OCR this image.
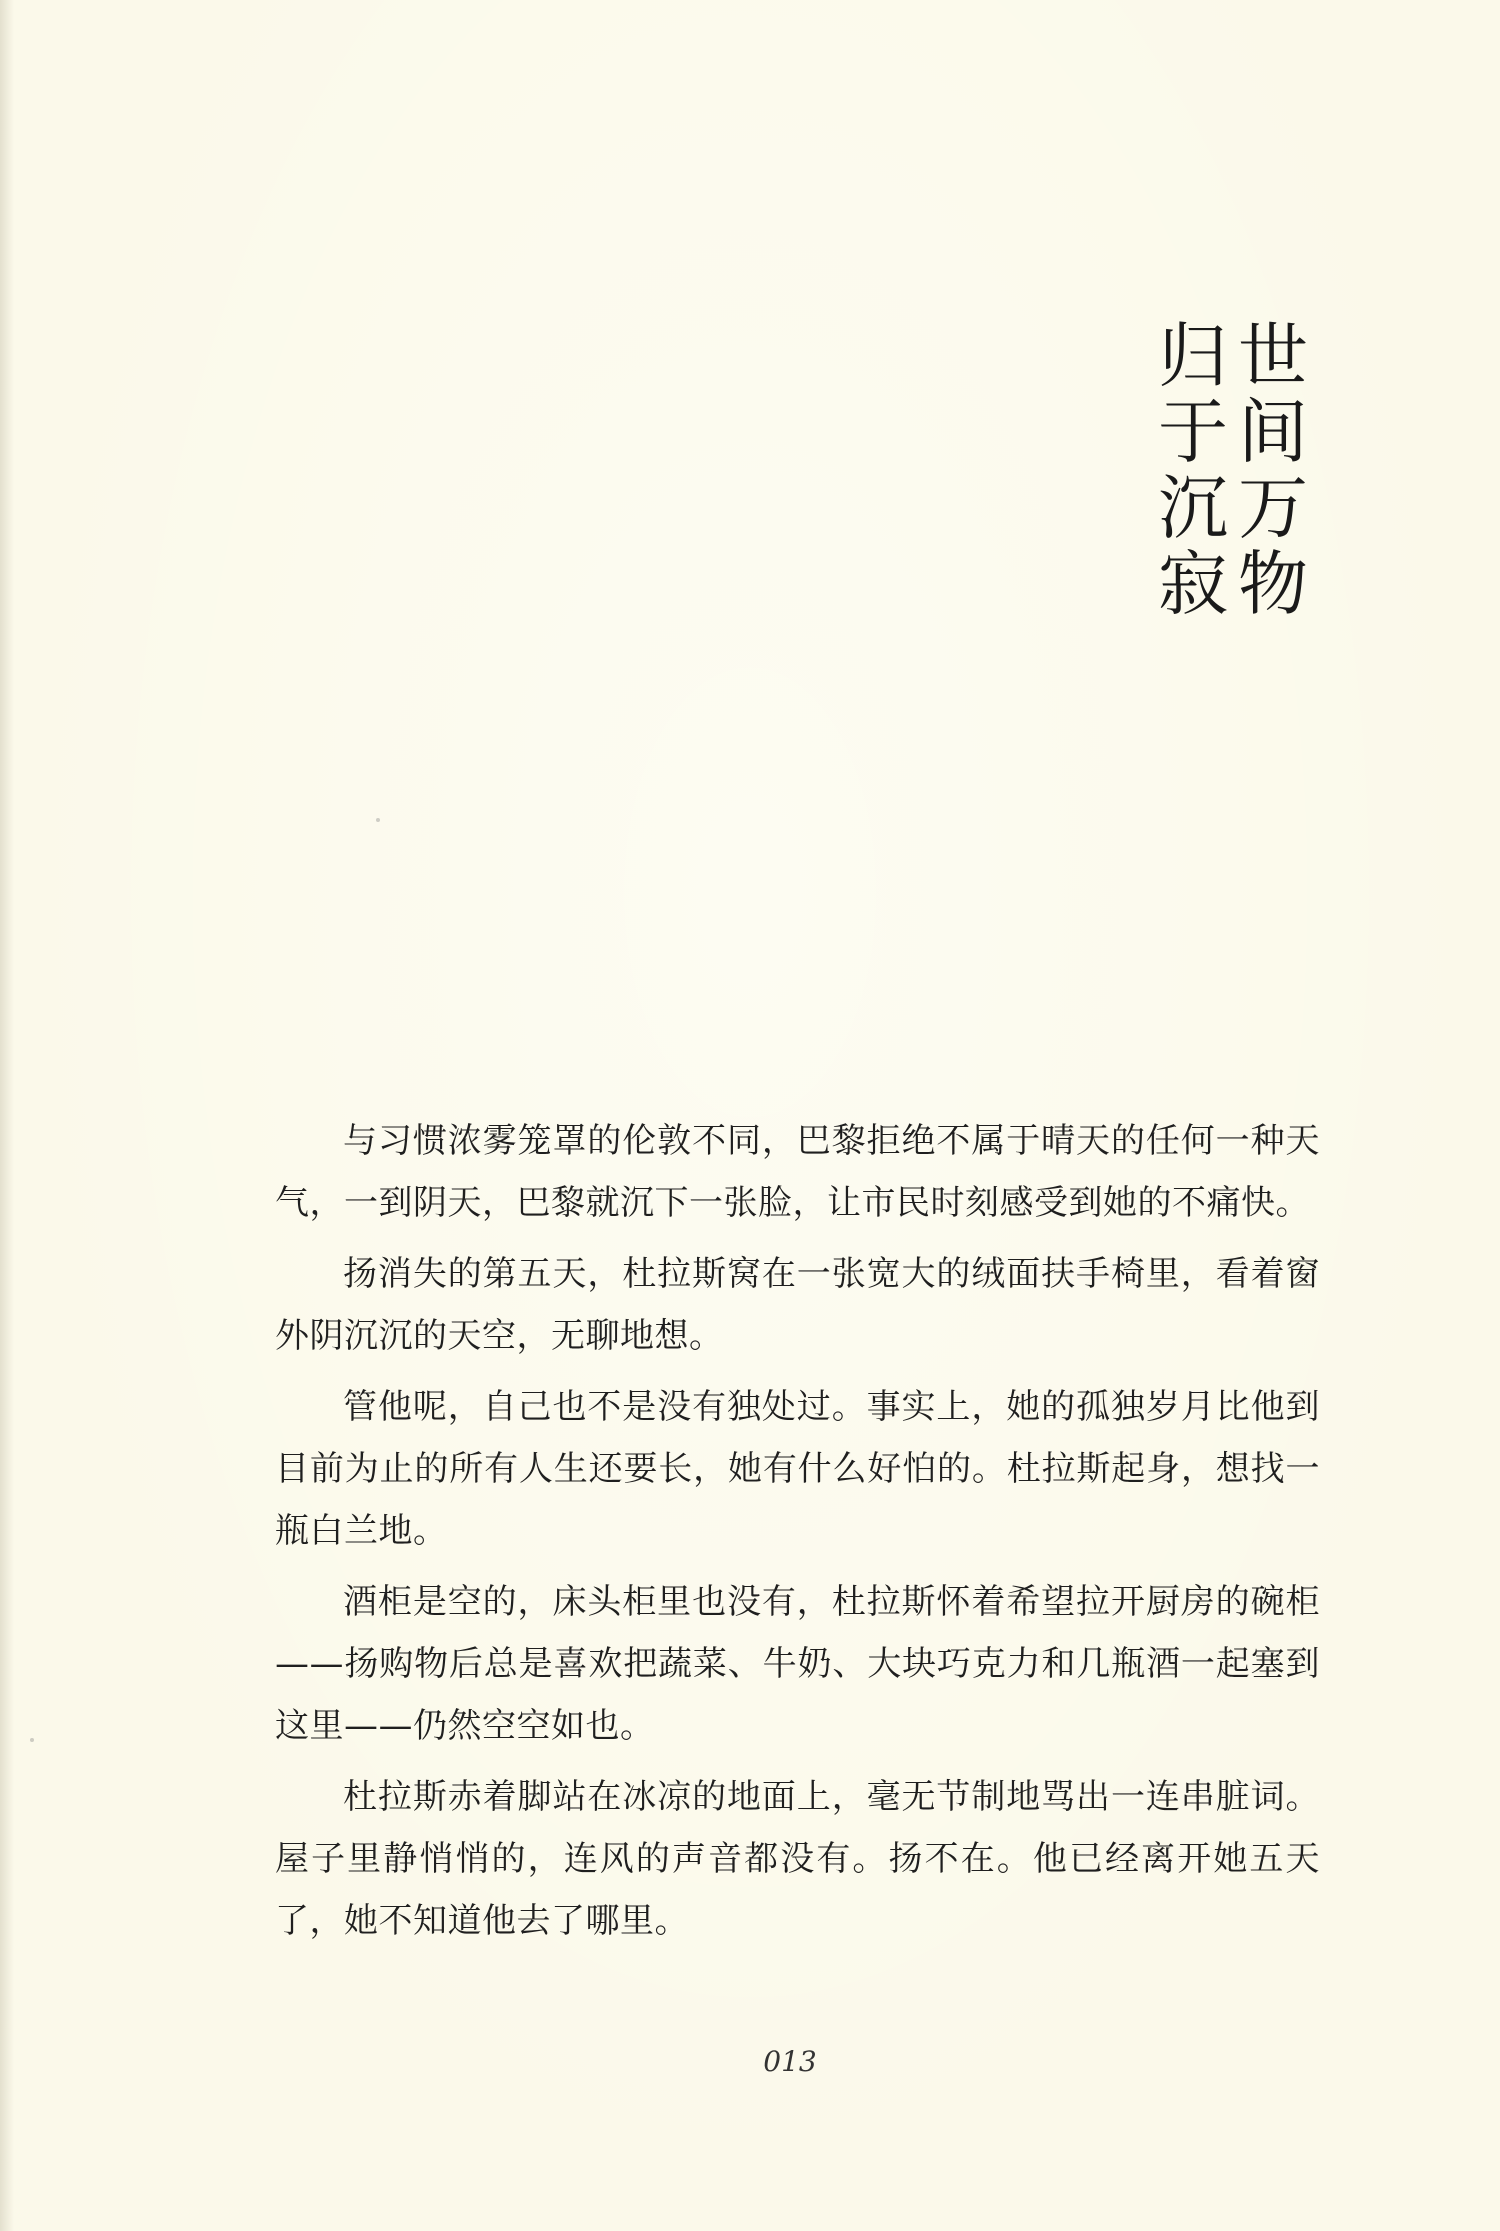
世间万物
归于沉寂

与习惯浓雾笼罩的伦敦不同，巴黎拒绝不属于晴天的任何一种天气，一到阴天，巴黎就沉下一张脸，让市民时刻感受到她的不痛快。

扬消失的第五天，杜拉斯窝在一张宽大的绒面扶手椅里，看着窗外阴沉沉的天空，无聊地想。

管他呢，自己也不是没有独处过。事实上，她的孤独岁月比他到目前为止的所有人生还要长，她有什么好怕的。杜拉斯起身，想找一瓶白兰地。

酒柜是空的，床头柜里也没有，杜拉斯怀着希望拉开厨房的碗柜——扬购物后总是喜欢把蔬菜、牛奶、大块巧克力和几瓶酒一起塞到这里——仍然空空如也。

杜拉斯赤着脚站在冰凉的地面上，毫无节制地骂出一连串脏词。屋子里静悄悄的，连风的声音都没有。扬不在。他已经离开她五天了，她不知道他去了哪里。

013
